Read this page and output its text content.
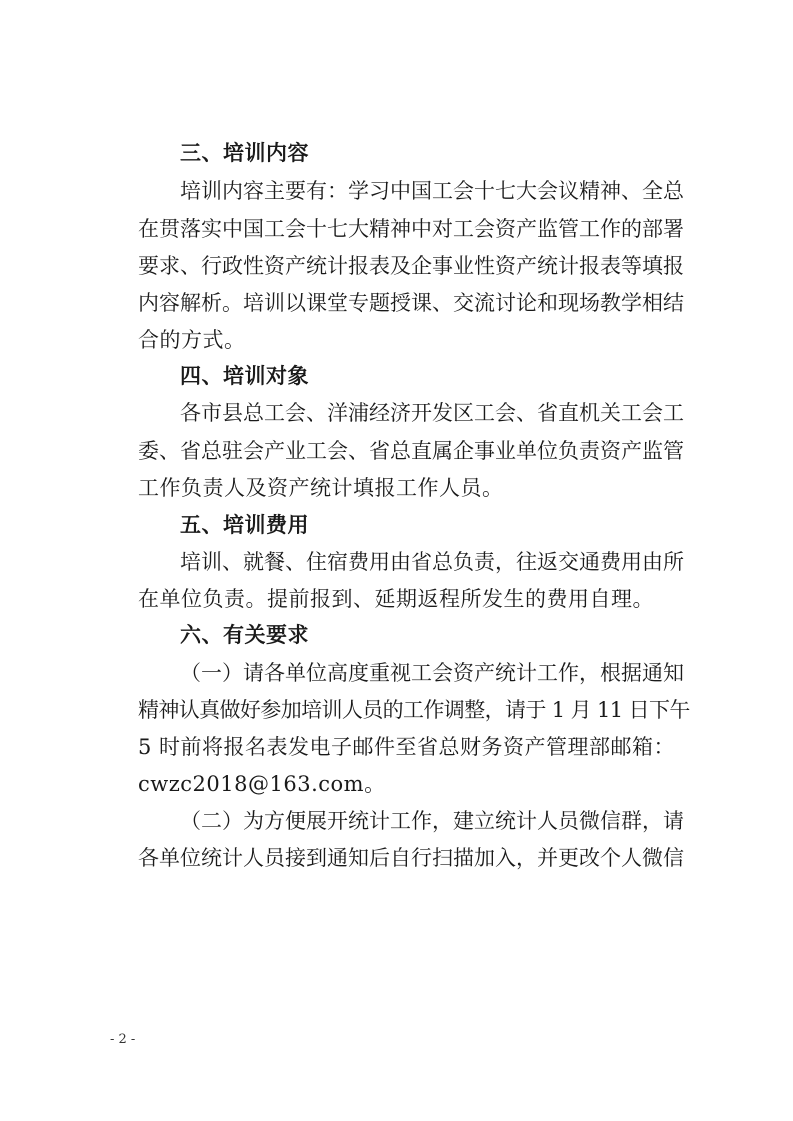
三、培训内容
培训内容主要有：学习中国工会十七大会议精神、全总
在贯落实中国工会十七大精神中对工会资产监管工作的部署
要求、行政性资产统计报表及企事业性资产统计报表等填报
内容解析。培训以课堂专题授课、交流讨论和现场教学相结
合的方式。
四、培训对象
各市县总工会、洋浦经济开发区工会、省直机关工会工
委、省总驻会产业工会、省总直属企事业单位负责资产监管
工作负责人及资产统计填报工作人员。
五、培训费用
培训、就餐、住宿费用由省总负责，往返交通费用由所
在单位负责。提前报到、延期返程所发生的费用自理。
六、有关要求
（一）请各单位高度重视工会资产统计工作，根据通知
精神认真做好参加培训人员的工作调整，请于 1 月 11 日下午
5 时前将报名表发电子邮件至省总财务资产管理部邮箱：
cwzc2018@163.com。
（二）为方便展开统计工作，建立统计人员微信群，请
各单位统计人员接到通知后自行扫描加入，并更改个人微信
- 2 -
